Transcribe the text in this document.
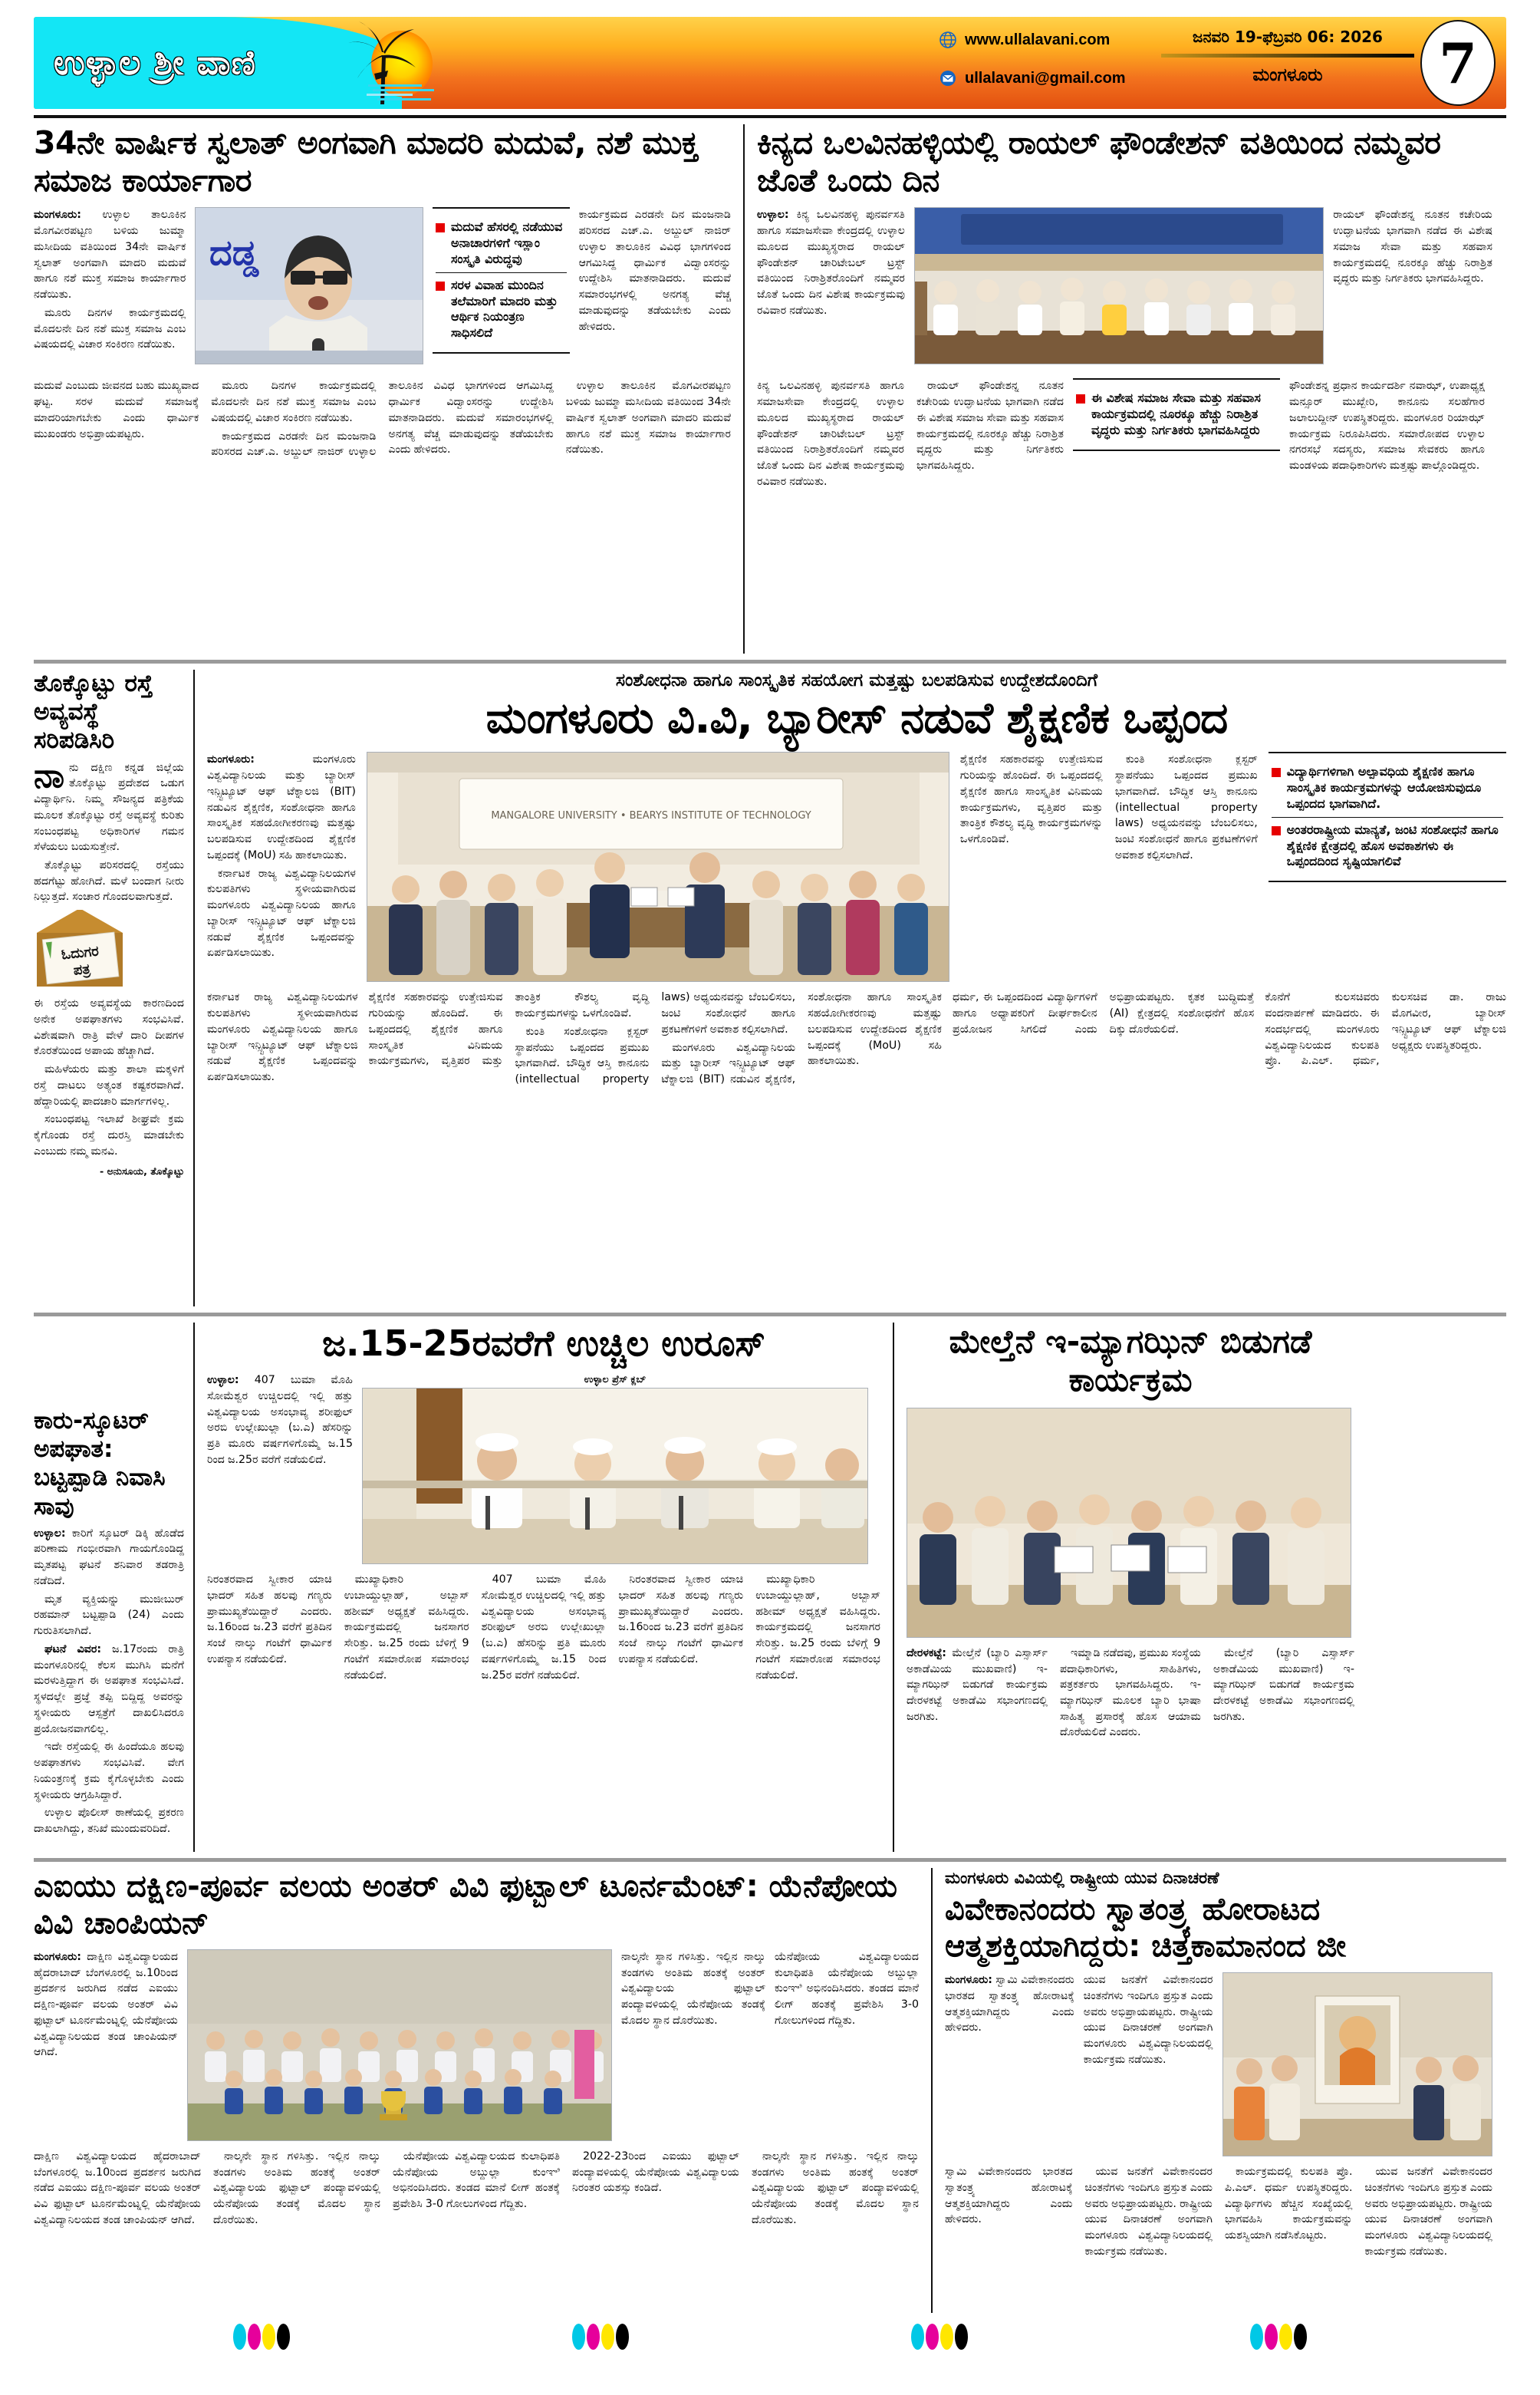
ಉಳ್ಳಾಲ ಶ್ರೀ ವಾಣಿ
www.ullalavani.com
ullalavani@gmail.com
ಜನವರಿ 19-ಫೆಬ್ರವರಿ 06: 2026
ಮಂಗಳೂರು	7
34ನೇ ವಾರ್ಷಿಕ ಸ್ವಲಾತ್ ಅಂಗವಾಗಿ ಮಾದರಿ ಮದುವೆ, ನಶೆ ಮುಕ್ತ ಸಮಾಜ ಕಾರ್ಯಾಗಾರ

ಮಂಗಳೂರು: ಉಳ್ಳಾಲ ತಾಲೂಕಿನ ಮೊಗವೀರಪಟ್ಟಣ ಬಳಿಯ ಜುಮ್ಮಾ ಮಸೀದಿಯ ವತಿಯಿಂದ 34ನೇ ವಾರ್ಷಿಕ ಸ್ವಲಾತ್ ಅಂಗವಾಗಿ ಮಾದರಿ ಮದುವೆ ಹಾಗೂ ನಶೆ ಮುಕ್ತ ಸಮಾಜ ಕಾರ್ಯಾಗಾರ ನಡೆಯಿತು.

ಮೂರು ದಿನಗಳ ಕಾರ್ಯಕ್ರಮದಲ್ಲಿ ಮೊದಲನೇ ದಿನ ನಶೆ ಮುಕ್ತ ಸಮಾಜ ಎಂಬ ವಿಷಯದಲ್ಲಿ ವಿಚಾರ ಸಂಕಿರಣ ನಡೆಯಿತು.

ದಡ್ಡ
ಮದುವೆ ಹೆಸರಲ್ಲಿ ನಡೆಯುವ ಅನಾಚಾರಗಳಿಗೆ ಇಸ್ಲಾಂ ಸಂಸ್ಕೃತಿ ವಿರುದ್ಧವು
ಸರಳ ವಿವಾಹ ಮುಂದಿನ ತಲೆಮಾರಿಗೆ ಮಾದರಿ ಮತ್ತು ಆರ್ಥಿಕ ನಿಯಂತ್ರಣ ಸಾಧಿಸಲಿದೆ

ಕಾರ್ಯಕ್ರಮದ ಎರಡನೇ ದಿನ ಮಂಜನಾಡಿ ಪರಿಸರದ ಎಚ್.ಎ. ಅಬ್ದುಲ್ ನಾಜಿರ್ ಉಳ್ಳಾಲ ತಾಲೂಕಿನ ವಿವಿಧ ಭಾಗಗಳಿಂದ ಆಗಮಿಸಿದ್ದ ಧಾರ್ಮಿಕ ವಿದ್ವಾಂಸರನ್ನು ಉದ್ದೇಶಿಸಿ ಮಾತನಾಡಿದರು. ಮದುವೆ ಸಮಾರಂಭಗಳಲ್ಲಿ ಅನಗತ್ಯ ವೆಚ್ಚ ಮಾಡುವುದನ್ನು ತಡೆಯಬೇಕು ಎಂದು ಹೇಳಿದರು.

ಮದುವೆ ಎಂಬುದು ಜೀವನದ ಬಹು ಮುಖ್ಯವಾದ ಘಟ್ಟ. ಸರಳ ಮದುವೆ ಸಮಾಜಕ್ಕೆ ಮಾದರಿಯಾಗಬೇಕು ಎಂದು ಧಾರ್ಮಿಕ ಮುಖಂಡರು ಅಭಿಪ್ರಾಯಪಟ್ಟರು.

ಮೂರು ದಿನಗಳ ಕಾರ್ಯಕ್ರಮದಲ್ಲಿ ಮೊದಲನೇ ದಿನ ನಶೆ ಮುಕ್ತ ಸಮಾಜ ಎಂಬ ವಿಷಯದಲ್ಲಿ ವಿಚಾರ ಸಂಕಿರಣ ನಡೆಯಿತು.

ಕಾರ್ಯಕ್ರಮದ ಎರಡನೇ ದಿನ ಮಂಜನಾಡಿ ಪರಿಸರದ ಎಚ್.ಎ. ಅಬ್ದುಲ್ ನಾಜಿರ್ ಉಳ್ಳಾಲ ತಾಲೂಕಿನ ವಿವಿಧ ಭಾಗಗಳಿಂದ ಆಗಮಿಸಿದ್ದ ಧಾರ್ಮಿಕ ವಿದ್ವಾಂಸರನ್ನು ಉದ್ದೇಶಿಸಿ ಮಾತನಾಡಿದರು. ಮದುವೆ ಸಮಾರಂಭಗಳಲ್ಲಿ ಅನಗತ್ಯ ವೆಚ್ಚ ಮಾಡುವುದನ್ನು ತಡೆಯಬೇಕು ಎಂದು ಹೇಳಿದರು.

ಉಳ್ಳಾಲ ತಾಲೂಕಿನ ಮೊಗವೀರಪಟ್ಟಣ ಬಳಿಯ ಜುಮ್ಮಾ ಮಸೀದಿಯ ವತಿಯಿಂದ 34ನೇ ವಾರ್ಷಿಕ ಸ್ವಲಾತ್ ಅಂಗವಾಗಿ ಮಾದರಿ ಮದುವೆ ಹಾಗೂ ನಶೆ ಮುಕ್ತ ಸಮಾಜ ಕಾರ್ಯಾಗಾರ ನಡೆಯಿತು.

ಕಿನ್ಯದ ಒಲವಿನಹಳ್ಳಿಯಲ್ಲಿ ರಾಯಲ್ ಫೌಂಡೇಶನ್ ವತಿಯಿಂದ ನಮ್ಮವರ ಜೊತೆ ಒಂದು ದಿನ

ಉಳ್ಳಾಲ: ಕಿನ್ಯ ಒಲವಿನಹಳ್ಳಿ ಪುನರ್ವಸತಿ ಹಾಗೂ ಸಮಾಜಸೇವಾ ಕೇಂದ್ರದಲ್ಲಿ ಉಳ್ಳಾಲ ಮೂಲದ ಮುಖ್ಯಸ್ಥರಾದ ರಾಯಲ್ ಫೌಂಡೇಶನ್ ಚಾರಿಟೇಬಲ್ ಟ್ರಸ್ಟ್ ವತಿಯಿಂದ ನಿರಾಶ್ರಿತರೊಂದಿಗೆ ನಮ್ಮವರ ಜೊತೆ ಒಂದು ದಿನ ವಿಶೇಷ ಕಾರ್ಯಕ್ರಮವು ರವಿವಾರ ನಡೆಯಿತು.

ರಾಯಲ್ ಫೌಂಡೇಶನ್ನ ನೂತನ ಕಚೇರಿಯ ಉದ್ಘಾಟನೆಯ ಭಾಗವಾಗಿ ನಡೆದ ಈ ವಿಶೇಷ ಸಮಾಜ ಸೇವಾ ಮತ್ತು ಸಹವಾಸ ಕಾರ್ಯಕ್ರಮದಲ್ಲಿ ನೂರಕ್ಕೂ ಹೆಚ್ಚು ನಿರಾಶ್ರಿತ ವೃದ್ಧರು ಮತ್ತು ನಿರ್ಗತಿಕರು ಭಾಗವಹಿಸಿದ್ದರು.

ಕಿನ್ಯ ಒಲವಿನಹಳ್ಳಿ ಪುನರ್ವಸತಿ ಹಾಗೂ ಸಮಾಜಸೇವಾ ಕೇಂದ್ರದಲ್ಲಿ ಉಳ್ಳಾಲ ಮೂಲದ ಮುಖ್ಯಸ್ಥರಾದ ರಾಯಲ್ ಫೌಂಡೇಶನ್ ಚಾರಿಟೇಬಲ್ ಟ್ರಸ್ಟ್ ವತಿಯಿಂದ ನಿರಾಶ್ರಿತರೊಂದಿಗೆ ನಮ್ಮವರ ಜೊತೆ ಒಂದು ದಿನ ವಿಶೇಷ ಕಾರ್ಯಕ್ರಮವು ರವಿವಾರ ನಡೆಯಿತು.

ರಾಯಲ್ ಫೌಂಡೇಶನ್ನ ನೂತನ ಕಚೇರಿಯ ಉದ್ಘಾಟನೆಯ ಭಾಗವಾಗಿ ನಡೆದ ಈ ವಿಶೇಷ ಸಮಾಜ ಸೇವಾ ಮತ್ತು ಸಹವಾಸ ಕಾರ್ಯಕ್ರಮದಲ್ಲಿ ನೂರಕ್ಕೂ ಹೆಚ್ಚು ನಿರಾಶ್ರಿತ ವೃದ್ಧರು ಮತ್ತು ನಿರ್ಗತಿಕರು ಭಾಗವಹಿಸಿದ್ದರು.

ಈ ವಿಶೇಷ ಸಮಾಜ ಸೇವಾ ಮತ್ತು ಸಹವಾಸ ಕಾರ್ಯಕ್ರಮದಲ್ಲಿ ನೂರಕ್ಕೂ ಹೆಚ್ಚು ನಿರಾಶ್ರಿತ ವೃದ್ಧರು ಮತ್ತು ನಿರ್ಗತಿಕರು ಭಾಗವಹಿಸಿದ್ದರು

ಫೌಂಡೇಶನ್ನ ಪ್ರಧಾನ ಕಾರ್ಯದರ್ಶಿ ನವಾಝ್, ಉಪಾಧ್ಯಕ್ಷ ಮನ್ಸೂರ್ ಮುಖ್ಬೇರಿ, ಕಾನೂನು ಸಲಹೆಗಾರ ಜಲಾಲುದ್ದೀನ್ ಉಪಸ್ಥಿತರಿದ್ದರು. ಮಂಗಳೂರ ರಿಯಾಝ್ ಕಾರ್ಯಕ್ರಮ ನಿರೂಪಿಸಿದರು. ಸಮಾರೋಪದ ಉಳ್ಳಾಲ ನಗರಸಭೆ ಸದಸ್ಯರು, ಸಮಾಜ ಸೇವಕರು ಹಾಗೂ ಮಂಡಳಿಯ ಪದಾಧಿಕಾರಿಗಳು ಮತ್ತಷ್ಟು ಪಾಲ್ಗೊಂಡಿದ್ದರು.

ತೊಕ್ಕೊಟ್ಟು ರಸ್ತೆ ಅವ್ಯವಸ್ಥೆ ಸರಿಪಡಿಸಿರಿ

ನಾನು ದಕ್ಷಿಣ ಕನ್ನಡ ಜಿಲ್ಲೆಯ ತೊಕ್ಕೊಟ್ಟು ಪ್ರದೇಶದ ಒಡುಗ ವಿದ್ಯಾರ್ಥಿನಿ. ನಿಮ್ಮ ಸೌಜನ್ಯದ ಪತ್ರಿಕೆಯ ಮೂಲಕ ತೊಕ್ಕೊಟ್ಟು ರಸ್ತೆ ಅವ್ಯವಸ್ಥೆ ಕುರಿತು ಸಂಬಂಧಪಟ್ಟ ಅಧಿಕಾರಿಗಳ ಗಮನ ಸೆಳೆಯಲು ಬಯಸುತ್ತೇನೆ.

ತೊಕ್ಕೊಟ್ಟು ಪರಿಸರದಲ್ಲಿ ರಸ್ತೆಯು ಹದಗೆಟ್ಟು ಹೋಗಿದೆ. ಮಳೆ ಬಂದಾಗ ನೀರು ನಿಲ್ಲುತ್ತದೆ. ಸಂಚಾರ ಗೊಂದಲವಾಗುತ್ತದೆ.

ಓದುಗರ
ಪತ್ರ

ಈ ರಸ್ತೆಯ ಅವ್ಯವಸ್ಥೆಯ ಕಾರಣದಿಂದ ಅನೇಕ ಅಪಘಾತಗಳು ಸಂಭವಿಸಿವೆ. ವಿಶೇಷವಾಗಿ ರಾತ್ರಿ ವೇಳೆ ದಾರಿ ದೀಪಗಳ ಕೊರತೆಯಿಂದ ಅಪಾಯ ಹೆಚ್ಚಾಗಿದೆ.

ಮಹಿಳೆಯರು ಮತ್ತು ಶಾಲಾ ಮಕ್ಕಳಿಗೆ ರಸ್ತೆ ದಾಟಲು ಅತ್ಯಂತ ಕಷ್ಟಕರವಾಗಿದೆ. ಹೆದ್ದಾರಿಯಲ್ಲಿ ಪಾದಚಾರಿ ಮಾರ್ಗಗಳಿಲ್ಲ.

ಸಂಬಂಧಪಟ್ಟ ಇಲಾಖೆ ಶೀಘ್ರವೇ ಕ್ರಮ ಕೈಗೊಂಡು ರಸ್ತೆ ದುರಸ್ತಿ ಮಾಡಬೇಕು ಎಂಬುದು ನಮ್ಮ ಮನವಿ.

- ಅನುಸೂಯ, ತೊಕ್ಕೊಟ್ಟು
ಸಂಶೋಧನಾ ಹಾಗೂ ಸಾಂಸ್ಕೃತಿಕ ಸಹಯೋಗ ಮತ್ತಷ್ಟು ಬಲಪಡಿಸುವ ಉದ್ದೇಶದೊಂದಿಗೆ
ಮಂಗಳೂರು ವಿ.ವಿ, ಬ್ಯಾರೀಸ್ ನಡುವೆ ಶೈಕ್ಷಣಿಕ ಒಪ್ಪಂದ

ಮಂಗಳೂರು:	ಮಂಗಳೂರು ವಿಶ್ವವಿದ್ಯಾನಿಲಯ ಮತ್ತು ಬ್ಯಾರೀಸ್ ಇನ್ಸ್ಟಿಟ್ಯೂಟ್ ಆಫ್ ಟೆಕ್ನಾಲಜಿ (BIT) ನಡುವಿನ ಶೈಕ್ಷಣಿಕ, ಸಂಶೋಧನಾ ಹಾಗೂ ಸಾಂಸ್ಕೃತಿಕ ಸಹಯೋಗೀಕರಣವು ಮತ್ತಷ್ಟು ಬಲಪಡಿಸುವ ಉದ್ದೇಶದಿಂದ ಶೈಕ್ಷಣಿಕ ಒಪ್ಪಂದಕ್ಕೆ (MoU) ಸಹಿ ಹಾಕಲಾಯಿತು.

ಕರ್ನಾಟಕ ರಾಜ್ಯ ವಿಶ್ವವಿದ್ಯಾನಿಲಯಗಳ ಕುಲಪತಿಗಳು ಸ್ಥಳೀಯವಾಗಿರುವ ಮಂಗಳೂರು ವಿಶ್ವವಿದ್ಯಾನಿಲಯ ಹಾಗೂ ಬ್ಯಾರೀಸ್ ಇನ್ಸ್ಟಿಟ್ಯೂಟ್ ಆಫ್ ಟೆಕ್ನಾಲಜಿ ನಡುವೆ ಶೈಕ್ಷಣಿಕ ಒಪ್ಪಂದವನ್ನು ಏರ್ಪಡಿಸಲಾಯಿತು.

MANGALORE UNIVERSITY • BEARYS INSTITUTE OF TECHNOLOGY

ಶೈಕ್ಷಣಿಕ ಸಹಕಾರವನ್ನು ಉತ್ತೇಜಿಸುವ ಗುರಿಯನ್ನು ಹೊಂದಿದೆ. ಈ ಒಪ್ಪಂದದಲ್ಲಿ ಶೈಕ್ಷಣಿಕ ಹಾಗೂ ಸಾಂಸ್ಕೃತಿಕ ವಿನಿಮಯ ಕಾರ್ಯಕ್ರಮಗಳು, ವೃತ್ತಿಪರ ಮತ್ತು ತಾಂತ್ರಿಕ ಕೌಶಲ್ಯ ವೃದ್ಧಿ ಕಾರ್ಯಕ್ರಮಗಳನ್ನು ಒಳಗೊಂಡಿವೆ.

ಕುಂತಿ ಸಂಶೋಧನಾ ಕ್ಲಸ್ಟರ್ ಸ್ಥಾಪನೆಯು ಒಪ್ಪಂದದ ಪ್ರಮುಖ ಭಾಗವಾಗಿದೆ. ಬೌದ್ಧಿಕ ಆಸ್ತಿ ಕಾನೂನು (intellectual property laws) ಅಧ್ಯಯನವನ್ನು ಬೆಂಬಲಿಸಲು, ಜಂಟಿ ಸಂಶೋಧನೆ ಹಾಗೂ ಪ್ರಕಟಣೆಗಳಿಗೆ ಅವಕಾಶ ಕಲ್ಪಿಸಲಾಗಿದೆ.

ವಿದ್ಯಾರ್ಥಿಗಳಿಗಾಗಿ ಅಲ್ಪಾವಧಿಯ ಶೈಕ್ಷಣಿಕ ಹಾಗೂ ಸಾಂಸ್ಕೃತಿಕ ಕಾರ್ಯಕ್ರಮಗಳನ್ನು ಆಯೋಜಿಸುವುದೂ ಒಪ್ಪಂದದ ಭಾಗವಾಗಿದೆ.
ಅಂತರರಾಷ್ಟ್ರೀಯ ಮಾನ್ಯತೆ, ಜಂಟಿ ಸಂಶೋಧನೆ ಹಾಗೂ ಶೈಕ್ಷಣಿಕ ಕ್ಷೇತ್ರದಲ್ಲಿ ಹೊಸ ಅವಕಾಶಗಳು ಈ ಒಪ್ಪಂದದಿಂದ ಸೃಷ್ಟಿಯಾಗಲಿವೆ

ಕರ್ನಾಟಕ ರಾಜ್ಯ ವಿಶ್ವವಿದ್ಯಾನಿಲಯಗಳ ಕುಲಪತಿಗಳು ಸ್ಥಳೀಯವಾಗಿರುವ ಮಂಗಳೂರು ವಿಶ್ವವಿದ್ಯಾನಿಲಯ ಹಾಗೂ ಬ್ಯಾರೀಸ್ ಇನ್ಸ್ಟಿಟ್ಯೂಟ್ ಆಫ್ ಟೆಕ್ನಾಲಜಿ ನಡುವೆ ಶೈಕ್ಷಣಿಕ ಒಪ್ಪಂದವನ್ನು ಏರ್ಪಡಿಸಲಾಯಿತು.

ಶೈಕ್ಷಣಿಕ ಸಹಕಾರವನ್ನು ಉತ್ತೇಜಿಸುವ ಗುರಿಯನ್ನು ಹೊಂದಿದೆ. ಈ ಒಪ್ಪಂದದಲ್ಲಿ ಶೈಕ್ಷಣಿಕ ಹಾಗೂ ಸಾಂಸ್ಕೃತಿಕ ವಿನಿಮಯ ಕಾರ್ಯಕ್ರಮಗಳು, ವೃತ್ತಿಪರ ಮತ್ತು ತಾಂತ್ರಿಕ ಕೌಶಲ್ಯ ವೃದ್ಧಿ ಕಾರ್ಯಕ್ರಮಗಳನ್ನು ಒಳಗೊಂಡಿವೆ.

ಕುಂತಿ ಸಂಶೋಧನಾ ಕ್ಲಸ್ಟರ್ ಸ್ಥಾಪನೆಯು ಒಪ್ಪಂದದ ಪ್ರಮುಖ ಭಾಗವಾಗಿದೆ. ಬೌದ್ಧಿಕ ಆಸ್ತಿ ಕಾನೂನು (intellectual property laws) ಅಧ್ಯಯನವನ್ನು ಬೆಂಬಲಿಸಲು, ಜಂಟಿ ಸಂಶೋಧನೆ ಹಾಗೂ ಪ್ರಕಟಣೆಗಳಿಗೆ ಅವಕಾಶ ಕಲ್ಪಿಸಲಾಗಿದೆ.

ಮಂಗಳೂರು ವಿಶ್ವವಿದ್ಯಾನಿಲಯ ಮತ್ತು ಬ್ಯಾರೀಸ್ ಇನ್ಸ್ಟಿಟ್ಯೂಟ್ ಆಫ್ ಟೆಕ್ನಾಲಜಿ (BIT) ನಡುವಿನ ಶೈಕ್ಷಣಿಕ, ಸಂಶೋಧನಾ ಹಾಗೂ ಸಾಂಸ್ಕೃತಿಕ ಸಹಯೋಗೀಕರಣವು ಮತ್ತಷ್ಟು ಬಲಪಡಿಸುವ ಉದ್ದೇಶದಿಂದ ಶೈಕ್ಷಣಿಕ ಒಪ್ಪಂದಕ್ಕೆ (MoU) ಸಹಿ ಹಾಕಲಾಯಿತು.

ಧರ್ಮ, ಈ ಒಪ್ಪಂದದಿಂದ ವಿದ್ಯಾರ್ಥಿಗಳಿಗೆ ಹಾಗೂ ಅಧ್ಯಾಪಕರಿಗೆ ದೀರ್ಘಕಾಲೀನ ಪ್ರಯೋಜನ ಸಿಗಲಿದೆ ಎಂದು ಅಭಿಪ್ರಾಯಪಟ್ಟರು. ಕೃತಕ ಬುದ್ಧಿಮತ್ತೆ (AI) ಕ್ಷೇತ್ರದಲ್ಲಿ ಸಂಶೋಧನೆಗೆ ಹೊಸ ದಿಕ್ಕು ದೊರೆಯಲಿದೆ.

ಕೊನೆಗೆ ಕುಲಸಚಿವರು ವಂದನಾರ್ಪಣೆ ಮಾಡಿದರು. ಈ ಸಂದರ್ಭದಲ್ಲಿ ಮಂಗಳೂರು ವಿಶ್ವವಿದ್ಯಾನಿಲಯದ ಕುಲಪತಿ ಪ್ರೊ. ಪಿ.ಎಲ್. ಧರ್ಮ, ಕುಲಸಚಿವ ಡಾ. ರಾಜು ಮೊಗವೀರ, ಬ್ಯಾರೀಸ್ ಇನ್ಸ್ಟಿಟ್ಯೂಟ್ ಆಫ್ ಟೆಕ್ನಾಲಜಿ ಅಧ್ಯಕ್ಷರು ಉಪಸ್ಥಿತರಿದ್ದರು.

ಕಾರು-ಸ್ಕೂಟರ್ ಅಪಘಾತ: ಬಟ್ಟಪ್ಪಾಡಿ ನಿವಾಸಿ ಸಾವು

ಉಳ್ಳಾಲ: ಕಾರಿಗೆ ಸ್ಕೂಟರ್ ಡಿಕ್ಕಿ ಹೊಡೆದ ಪರಿಣಾಮ ಗಂಭೀರವಾಗಿ ಗಾಯಗೊಂಡಿದ್ದ ಮೃತಪಟ್ಟ ಘಟನೆ ಶನಿವಾರ ತಡರಾತ್ರಿ ನಡೆದಿದೆ.

ಮೃತ ವ್ಯಕ್ತಿಯನ್ನು ಮುಜೀಬುರ್ ರಹಮಾನ್ ಬಟ್ಟಪ್ಪಾಡಿ (24) ಎಂದು ಗುರುತಿಸಲಾಗಿದೆ.

ಘಟನೆ ವಿವರ: ಜ.17ರಂದು ರಾತ್ರಿ ಮಂಗಳೂರಿನಲ್ಲಿ ಕೆಲಸ ಮುಗಿಸಿ ಮನೆಗೆ ಮರಳುತ್ತಿದ್ದಾಗ ಈ ಅಪಘಾತ ಸಂಭವಿಸಿದೆ. ಸ್ಥಳದಲ್ಲೇ ಪ್ರಜ್ಞೆ ತಪ್ಪಿ ಬಿದ್ದಿದ್ದ ಅವರನ್ನು ಸ್ಥಳೀಯರು ಆಸ್ಪತ್ರೆಗೆ ದಾಖಲಿಸಿದರೂ ಪ್ರಯೋಜನವಾಗಲಿಲ್ಲ.

ಇದೇ ರಸ್ತೆಯಲ್ಲಿ ಈ ಹಿಂದೆಯೂ ಹಲವು ಅಪಘಾತಗಳು ಸಂಭವಿಸಿವೆ. ವೇಗ ನಿಯಂತ್ರಣಕ್ಕೆ ಕ್ರಮ ಕೈಗೊಳ್ಳಬೇಕು ಎಂದು ಸ್ಥಳೀಯರು ಆಗ್ರಹಿಸಿದ್ದಾರೆ.

ಉಳ್ಳಾಲ ಪೊಲೀಸ್ ಠಾಣೆಯಲ್ಲಿ ಪ್ರಕರಣ ದಾಖಲಾಗಿದ್ದು, ತನಿಖೆ ಮುಂದುವರಿದಿದೆ.

ಜ.15-25ರವರೆಗೆ ಉಚ್ಚಿಲ ಉರೂಸ್

ಉಳ್ಳಾಲ: 407 ಬುಮಾ ಮೊಹಿ ಸೋಮೆಶ್ವರ ಉಚ್ಚಿಲದಲ್ಲಿ ಇಲ್ಲಿ ಹತ್ತು ವಿಶ್ವವಿದ್ಯಾಲಯ ಅಸಂಭಾವ್ಯ ಶರೀಫುಲ್ ಅರಬಿ ಉಲ್ಲೇಖುಲ್ಲಾ (ಬ.ಎ) ಹೆಸರಿನ್ನು ಪ್ರತಿ ಮೂರು ವರ್ಷಗಳಿಗೊಮ್ಮೆ ಜ.15 ರಿಂದ ಜ.25ರ ವರೆಗೆ ನಡೆಯಲಿದೆ.

ಉಳ್ಳಾಲ ಪ್ರೆಸ್ ಕ್ಲಬ್

ನಿರಂತರವಾದ ಸ್ವೀಕಾರ ಯಾಚಿ ಭಾದರ್ ಸಹಿತ ಹಲವು ಗಣ್ಯರು ಪ್ರಾಮುಖ್ಯತೆಯಿದ್ದಾರೆ ಎಂದರು. ಜ.16ರಿಂದ ಜ.23 ವರೆಗೆ ಪ್ರತಿದಿನ ಸಂಜೆ ನಾಲ್ಕು ಗಂಟೆಗೆ ಧಾರ್ಮಿಕ ಉಪನ್ಯಾಸ ನಡೆಯಲಿದೆ.

ಮುಖ್ಯಾಧಿಕಾರಿ ಉಬಾಯ್ದುಲ್ಲಾಹ್, ಅಬ್ಬಾಸ್ ಹಶೀಮ್ ಅಧ್ಯಕ್ಷತೆ ವಹಿಸಿದ್ದರು. ಕಾರ್ಯಕ್ರಮದಲ್ಲಿ ಜನಸಾಗರ ಸೇರಿತ್ತು. ಜ.25 ರಂದು ಬೆಳಿಗ್ಗೆ 9 ಗಂಟೆಗೆ ಸಮಾರೋಪ ಸಮಾರಂಭ ನಡೆಯಲಿದೆ.

407 ಬುಮಾ ಮೊಹಿ ಸೋಮೆಶ್ವರ ಉಚ್ಚಿಲದಲ್ಲಿ ಇಲ್ಲಿ ಹತ್ತು ವಿಶ್ವವಿದ್ಯಾಲಯ ಅಸಂಭಾವ್ಯ ಶರೀಫುಲ್ ಅರಬಿ ಉಲ್ಲೇಖುಲ್ಲಾ (ಬ.ಎ) ಹೆಸರಿನ್ನು ಪ್ರತಿ ಮೂರು ವರ್ಷಗಳಿಗೊಮ್ಮೆ ಜ.15 ರಿಂದ ಜ.25ರ ವರೆಗೆ ನಡೆಯಲಿದೆ.

ನಿರಂತರವಾದ ಸ್ವೀಕಾರ ಯಾಚಿ ಭಾದರ್ ಸಹಿತ ಹಲವು ಗಣ್ಯರು ಪ್ರಾಮುಖ್ಯತೆಯಿದ್ದಾರೆ ಎಂದರು. ಜ.16ರಿಂದ ಜ.23 ವರೆಗೆ ಪ್ರತಿದಿನ ಸಂಜೆ ನಾಲ್ಕು ಗಂಟೆಗೆ ಧಾರ್ಮಿಕ ಉಪನ್ಯಾಸ ನಡೆಯಲಿದೆ.

ಮುಖ್ಯಾಧಿಕಾರಿ ಉಬಾಯ್ದುಲ್ಲಾಹ್, ಅಬ್ಬಾಸ್ ಹಶೀಮ್ ಅಧ್ಯಕ್ಷತೆ ವಹಿಸಿದ್ದರು. ಕಾರ್ಯಕ್ರಮದಲ್ಲಿ ಜನಸಾಗರ ಸೇರಿತ್ತು. ಜ.25 ರಂದು ಬೆಳಿಗ್ಗೆ 9 ಗಂಟೆಗೆ ಸಮಾರೋಪ ಸಮಾರಂಭ ನಡೆಯಲಿದೆ.

ಮೇಲ್ತೆನೆ ಇ-ಮ್ಯಾಗಝಿನ್ ಬಿಡುಗಡೆ ಕಾರ್ಯಕ್ರಮ

ದೇರಳಕಟ್ಟೆ: ಮೇಲ್ತೆನೆ (ಬ್ಯಾರಿ ಎಸ್ಸಾರ್ಸ್ ಅಕಾಡೆಮಿಯ ಮುಖವಾಣಿ) ಇ-ಮ್ಯಾಗಝಿನ್ ಬಿಡುಗಡೆ ಕಾರ್ಯಕ್ರಮ ದೇರಳಕಟ್ಟೆ ಅಕಾಡೆಮಿ ಸಭಾಂಗಣದಲ್ಲಿ ಜರಗಿತು.

ಇಮ್ಮಾಡಿ ನಡೆದವು, ಪ್ರಮುಖ ಸಂಸ್ಥೆಯ ಪದಾಧಿಕಾರಿಗಳು, ಸಾಹಿತಿಗಳು, ಪತ್ರಕರ್ತರು ಭಾಗವಹಿಸಿದ್ದರು. ಇ-ಮ್ಯಾಗಝಿನ್ ಮೂಲಕ ಬ್ಯಾರಿ ಭಾಷಾ ಸಾಹಿತ್ಯ ಪ್ರಸಾರಕ್ಕೆ ಹೊಸ ಆಯಾಮ ದೊರೆಯಲಿದೆ ಎಂದರು.

ಮೇಲ್ತೆನೆ (ಬ್ಯಾರಿ ಎಸ್ಸಾರ್ಸ್ ಅಕಾಡೆಮಿಯ ಮುಖವಾಣಿ) ಇ-ಮ್ಯಾಗಝಿನ್ ಬಿಡುಗಡೆ ಕಾರ್ಯಕ್ರಮ ದೇರಳಕಟ್ಟೆ ಅಕಾಡೆಮಿ ಸಭಾಂಗಣದಲ್ಲಿ ಜರಗಿತು.

ಎಐಯು ದಕ್ಷಿಣ-ಪೂರ್ವ ವಲಯ ಅಂತರ್ ವಿವಿ ಫುಟ್ಬಾಲ್ ಟೂರ್ನಮೆಂಟ್: ಯೆನೆಪೋಯ ವಿವಿ ಚಾಂಪಿಯನ್

ಮಂಗಳೂರು: ದಾಕ್ಷಿಣ ವಿಶ್ವವಿದ್ಯಾಲಯದ ಹೈದರಾಬಾದ್ ಬೆಂಗಳೂರಲ್ಲಿ ಜ.10ರಿಂದ ಪ್ರದರ್ಶನ ಜರುಗಿದ ನಡೆದ ಎಐಯು ದಕ್ಷಿಣ-ಪೂರ್ವ ವಲಯ ಅಂತರ್ ವಿವಿ ಫುಟ್ಬಾಲ್ ಟೂರ್ನಮೆಂಟ್ನಲ್ಲಿ ಯೆನೆಪೋಯ ವಿಶ್ವವಿದ್ಯಾನಿಲಯದ ತಂಡ ಚಾಂಪಿಯನ್ ಆಗಿದೆ.

ನಾಲ್ಕನೇ ಸ್ಥಾನ ಗಳಿಸಿತ್ತು. ಇಲ್ಲಿನ ನಾಲ್ಕು ತಂಡಗಳು ಅಂತಿಮ ಹಂತಕ್ಕೆ ಅಂತರ್ ವಿಶ್ವವಿದ್ಯಾಲಯ ಫುಟ್ಬಾಲ್ ಪಂದ್ಯಾವಳಿಯಲ್ಲಿ ಯೆನೆಪೋಯ ತಂಡಕ್ಕೆ ಮೊದಲ ಸ್ಥಾನ ದೊರೆಯಿತು.

ಯೆನೆಪೋಯ ವಿಶ್ವವಿದ್ಯಾಲಯದ ಕುಲಾಧಿಪತಿ ಯೆನೆಪೋಯ ಅಬ್ದುಲ್ಲಾ ಕುಂಞಿ ಅಭಿನಂದಿಸಿದರು. ತಂಡದ ಮಾನೆ ಲೀಗ್ ಹಂತಕ್ಕೆ ಪ್ರವೇಶಿಸಿ 3-0 ಗೋಲುಗಳಿಂದ ಗೆದ್ದಿತು.

ದಾಕ್ಷಿಣ ವಿಶ್ವವಿದ್ಯಾಲಯದ ಹೈದರಾಬಾದ್ ಬೆಂಗಳೂರಲ್ಲಿ ಜ.10ರಿಂದ ಪ್ರದರ್ಶನ ಜರುಗಿದ ನಡೆದ ಎಐಯು ದಕ್ಷಿಣ-ಪೂರ್ವ ವಲಯ ಅಂತರ್ ವಿವಿ ಫುಟ್ಬಾಲ್ ಟೂರ್ನಮೆಂಟ್ನಲ್ಲಿ ಯೆನೆಪೋಯ ವಿಶ್ವವಿದ್ಯಾನಿಲಯದ ತಂಡ ಚಾಂಪಿಯನ್ ಆಗಿದೆ.

ನಾಲ್ಕನೇ ಸ್ಥಾನ ಗಳಿಸಿತ್ತು. ಇಲ್ಲಿನ ನಾಲ್ಕು ತಂಡಗಳು ಅಂತಿಮ ಹಂತಕ್ಕೆ ಅಂತರ್ ವಿಶ್ವವಿದ್ಯಾಲಯ ಫುಟ್ಬಾಲ್ ಪಂದ್ಯಾವಳಿಯಲ್ಲಿ ಯೆನೆಪೋಯ ತಂಡಕ್ಕೆ ಮೊದಲ ಸ್ಥಾನ ದೊರೆಯಿತು.

ಯೆನೆಪೋಯ ವಿಶ್ವವಿದ್ಯಾಲಯದ ಕುಲಾಧಿಪತಿ ಯೆನೆಪೋಯ ಅಬ್ದುಲ್ಲಾ ಕುಂಞಿ ಅಭಿನಂದಿಸಿದರು. ತಂಡದ ಮಾನೆ ಲೀಗ್ ಹಂತಕ್ಕೆ ಪ್ರವೇಶಿಸಿ 3-0 ಗೋಲುಗಳಿಂದ ಗೆದ್ದಿತು.

2022-23ರಿಂದ ಎಐಯು ಫುಟ್ಬಾಲ್ ಪಂದ್ಯಾವಳಿಯಲ್ಲಿ ಯೆನೆಪೋಯ ವಿಶ್ವವಿದ್ಯಾಲಯ ನಿರಂತರ ಯಶಸ್ಸು ಕಂಡಿದೆ.

ನಾಲ್ಕನೇ ಸ್ಥಾನ ಗಳಿಸಿತ್ತು. ಇಲ್ಲಿನ ನಾಲ್ಕು ತಂಡಗಳು ಅಂತಿಮ ಹಂತಕ್ಕೆ ಅಂತರ್ ವಿಶ್ವವಿದ್ಯಾಲಯ ಫುಟ್ಬಾಲ್ ಪಂದ್ಯಾವಳಿಯಲ್ಲಿ ಯೆನೆಪೋಯ ತಂಡಕ್ಕೆ ಮೊದಲ ಸ್ಥಾನ ದೊರೆಯಿತು.

ಮಂಗಳೂರು ವಿವಿಯಲ್ಲಿ ರಾಷ್ಟ್ರೀಯ ಯುವ ದಿನಾಚರಣೆ
ವಿವೇಕಾನಂದರು ಸ್ವಾತಂತ್ರ್ಯ ಹೋರಾಟದ ಆತ್ಮಶಕ್ತಿಯಾಗಿದ್ದರು: ಚಿತ್ತಕಾಮಾನಂದ ಜೀ

ಮಂಗಳೂರು: ಸ್ವಾಮಿ ವಿವೇಕಾನಂದರು ಭಾರತದ ಸ್ವಾತಂತ್ರ್ಯ ಹೋರಾಟಕ್ಕೆ ಆತ್ಮಶಕ್ತಿಯಾಗಿದ್ದರು ಎಂದು ಹೇಳಿದರು.

ಯುವ ಜನತೆಗೆ ವಿವೇಕಾನಂದರ ಚಿಂತನೆಗಳು ಇಂದಿಗೂ ಪ್ರಸ್ತುತ ಎಂದು ಅವರು ಅಭಿಪ್ರಾಯಪಟ್ಟರು. ರಾಷ್ಟ್ರೀಯ ಯುವ ದಿನಾಚರಣೆ ಅಂಗವಾಗಿ ಮಂಗಳೂರು ವಿಶ್ವವಿದ್ಯಾನಿಲಯದಲ್ಲಿ ಕಾರ್ಯಕ್ರಮ ನಡೆಯಿತು.

ಸ್ವಾಮಿ ವಿವೇಕಾನಂದರು ಭಾರತದ ಸ್ವಾತಂತ್ರ್ಯ ಹೋರಾಟಕ್ಕೆ ಆತ್ಮಶಕ್ತಿಯಾಗಿದ್ದರು ಎಂದು ಹೇಳಿದರು.

ಯುವ ಜನತೆಗೆ ವಿವೇಕಾನಂದರ ಚಿಂತನೆಗಳು ಇಂದಿಗೂ ಪ್ರಸ್ತುತ ಎಂದು ಅವರು ಅಭಿಪ್ರಾಯಪಟ್ಟರು. ರಾಷ್ಟ್ರೀಯ ಯುವ ದಿನಾಚರಣೆ ಅಂಗವಾಗಿ ಮಂಗಳೂರು ವಿಶ್ವವಿದ್ಯಾನಿಲಯದಲ್ಲಿ ಕಾರ್ಯಕ್ರಮ ನಡೆಯಿತು.

ಕಾರ್ಯಕ್ರಮದಲ್ಲಿ ಕುಲಪತಿ ಪ್ರೊ. ಪಿ.ಎಲ್. ಧರ್ಮ ಉಪಸ್ಥಿತರಿದ್ದರು. ವಿದ್ಯಾರ್ಥಿಗಳು ಹೆಚ್ಚಿನ ಸಂಖ್ಯೆಯಲ್ಲಿ ಭಾಗವಹಿಸಿ ಕಾರ್ಯಕ್ರಮವನ್ನು ಯಶಸ್ವಿಯಾಗಿ ನಡೆಸಿಕೊಟ್ಟರು.

ಯುವ ಜನತೆಗೆ ವಿವೇಕಾನಂದರ ಚಿಂತನೆಗಳು ಇಂದಿಗೂ ಪ್ರಸ್ತುತ ಎಂದು ಅವರು ಅಭಿಪ್ರಾಯಪಟ್ಟರು. ರಾಷ್ಟ್ರೀಯ ಯುವ ದಿನಾಚರಣೆ ಅಂಗವಾಗಿ ಮಂಗಳೂರು ವಿಶ್ವವಿದ್ಯಾನಿಲಯದಲ್ಲಿ ಕಾರ್ಯಕ್ರಮ ನಡೆಯಿತು.
